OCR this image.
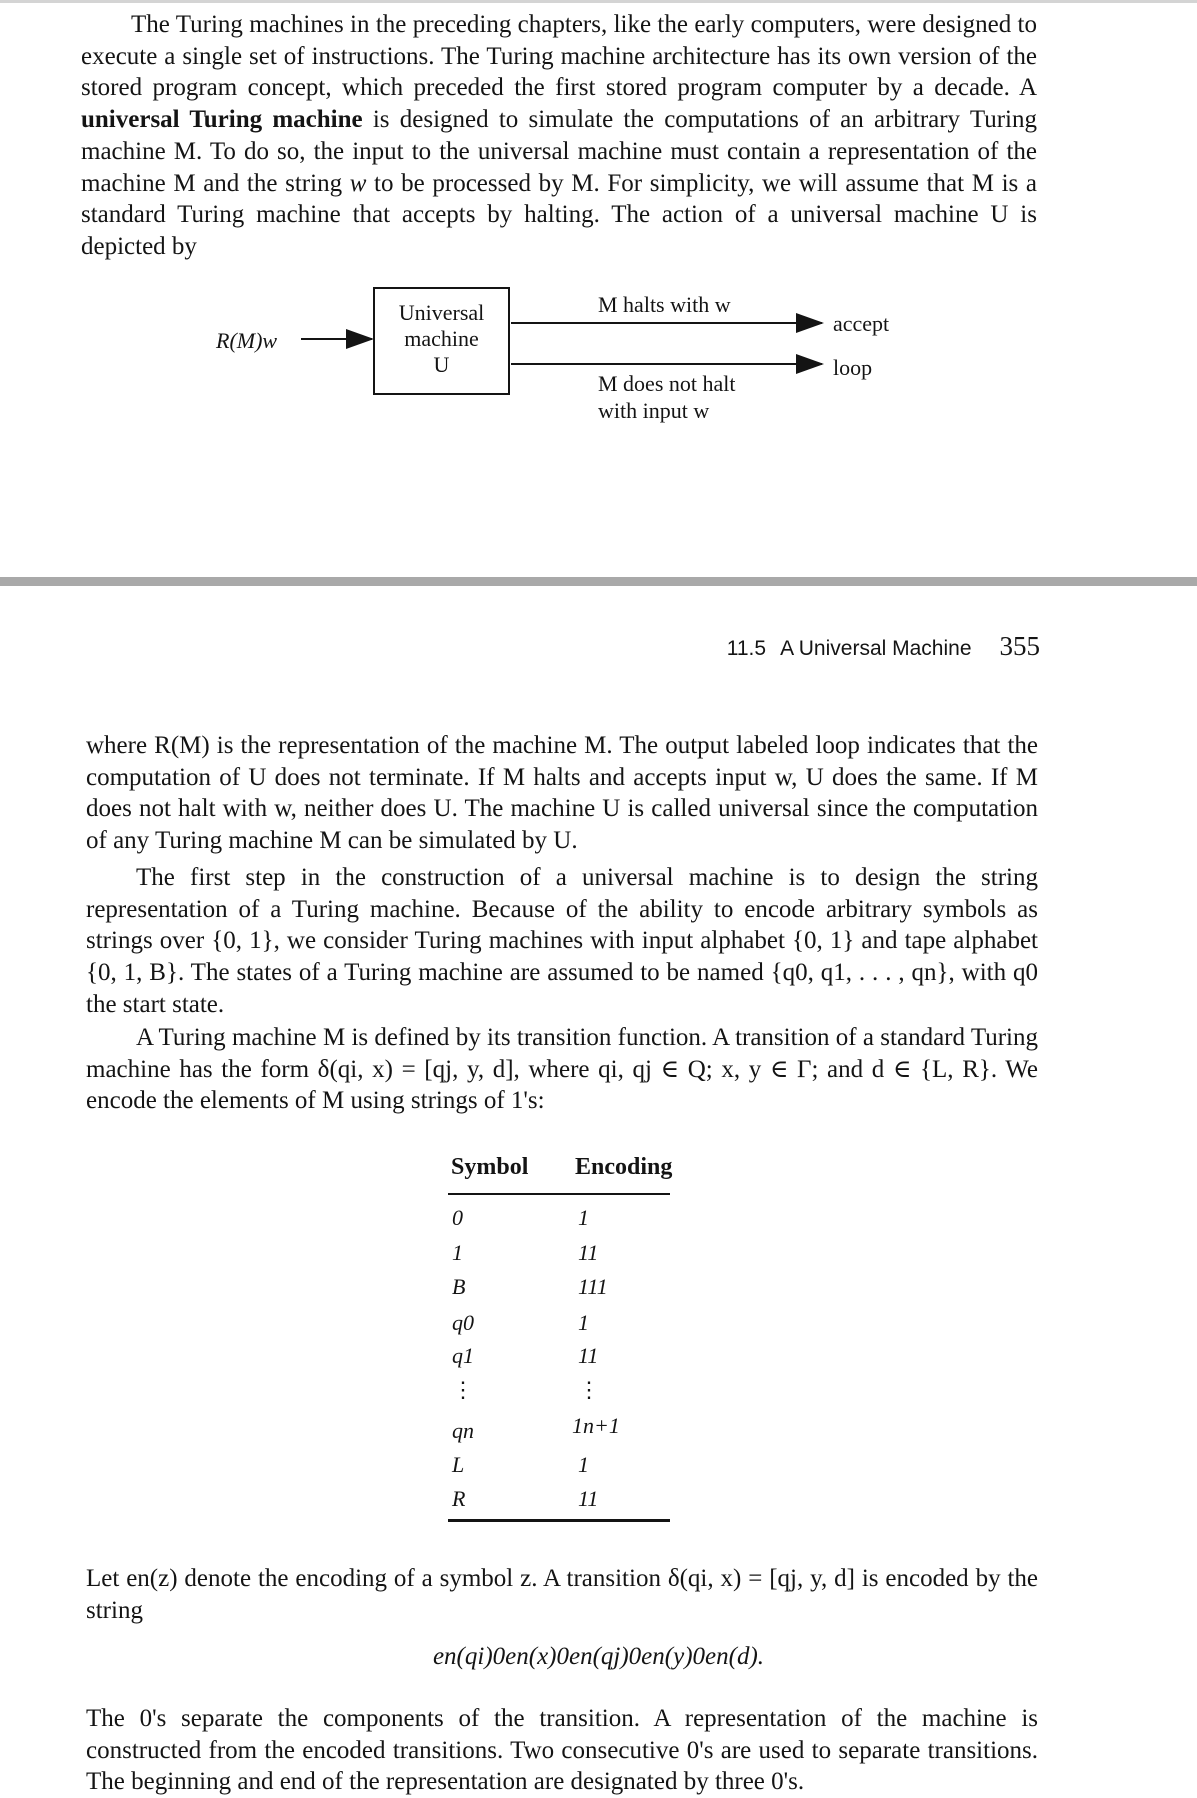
The Turing machines in the preceding chapters, like the early computers, were designed to execute a single set of instructions. The Turing machine architecture has its own version of the stored program concept, which preceded the first stored program computer by a decade. A universal Turing machine is designed to simulate the computations of an arbitrary Turing machine M. To do so, the input to the universal machine must contain a representation of the machine M and the string w to be processed by M. For simplicity, we will assume that M is a standard Turing machine that accepts by halting. The action of a universal machine U is depicted by

R(M)w
Universal
machine
U
M halts with w
M does not halt
with input w
accept
loop
11.5 A Universal Machine 355

where R(M) is the representation of the machine M. The output labeled loop indicates that the computation of U does not terminate. If M halts and accepts input w, U does the same. If M does not halt with w, neither does U. The machine U is called universal since the computation of any Turing machine M can be simulated by U.

The first step in the construction of a universal machine is to design the string representation of a Turing machine. Because of the ability to encode arbitrary symbols as strings over {0, 1}, we consider Turing machines with input alphabet {0, 1} and tape alphabet {0, 1, B}. The states of a Turing machine are assumed to be named {q0, q1, . . . , qn}, with q0 the start state.

A Turing machine M is defined by its transition function. A transition of a standard Turing machine has the form δ(qi, x) = [qj, y, d], where qi, qj ∈ Q; x, y ∈ Γ; and d ∈ {L, R}. We encode the elements of M using strings of 1's:

Symbol Encoding
0	1
1	11
B	111
q0	1
q1	11
⋮	⋮
qn	1n+1
L	1
R	11

Let en(z) denote the encoding of a symbol z. A transition δ(qi, x) = [qj, y, d] is encoded by the string

en(qi)0en(x)0en(qj)0en(y)0en(d).

The 0's separate the components of the transition. A representation of the machine is constructed from the encoded transitions. Two consecutive 0's are used to separate transitions. The beginning and end of the representation are designated by three 0's.
